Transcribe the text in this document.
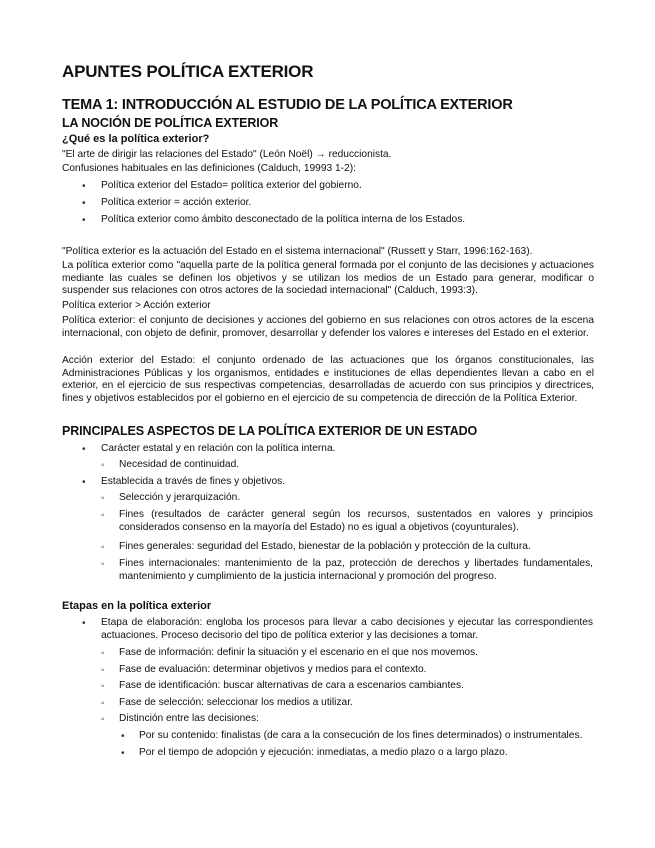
APUNTES POLÍTICA EXTERIOR
TEMA 1: INTRODUCCIÓN AL ESTUDIO DE LA POLÍTICA EXTERIOR
LA NOCIÓN DE POLÍTICA EXTERIOR
¿Qué es la política exterior?

"El arte de dirigir las relaciones del Estado" (León Noël) → reduccionista.

Confusiones habituales en las definiciones (Calduch, 19993 1-2):

• Política exterior del Estado= política exterior del gobierno.

• Política exterior = acción exterior.

• Política exterior como ámbito desconectado de la política interna de los Estados.

"Política exterior es la actuación del Estado en el sistema internacional" (Russett y Starr, 1996:162-163).

La política exterior como "aquella parte de la política general formada por el conjunto de las decisiones y actuaciones mediante las cuales se definen los objetivos y se utilizan los medios de un Estado para generar, modificar o suspender sus relaciones con otros actores de la sociedad internacional" (Calduch, 1993:3).

Política exterior > Acción exterior

Política exterior: el conjunto de decisiones y acciones del gobierno en sus relaciones con otros actores de la escena internacional, con objeto de definir, promover, desarrollar y defender los valores e intereses del Estado en el exterior.

Acción exterior del Estado: el conjunto ordenado de las actuaciones que los órganos constitucionales, las Administraciones Públicas y los organismos, entidades e instituciones de ellas dependientes llevan a cabo en el exterior, en el ejercicio de sus respectivas competencias, desarrolladas de acuerdo con sus principios y directrices, fines y objetivos establecidos por el gobierno en el ejercicio de su competencia de dirección de la Política Exterior.

PRINCIPALES ASPECTOS DE LA POLÍTICA EXTERIOR DE UN ESTADO
• Carácter estatal y en relación con la política interna.

◦ Necesidad de continuidad.

• Establecida a través de fines y objetivos.

◦ Selección y jerarquización.

◦ Fines (resultados de carácter general según los recursos, sustentados en valores y principios considerados consenso en la mayoría del Estado) no es igual a objetivos (coyunturales).

◦ Fines generales: seguridad del Estado, bienestar de la población y protección de la cultura.

◦ Fines internacionales: mantenimiento de la paz, protección de derechos y libertades fundamentales, mantenimiento y cumplimiento de la justicia internacional y promoción del progreso.

Etapas en la política exterior
• Etapa de elaboración: engloba los procesos para llevar a cabo decisiones y ejecutar las correspondientes actuaciones. Proceso decisorio del tipo de política exterior y las decisiones a tomar.

◦ Fase de información: definir la situación y el escenario en el que nos movemos.

◦ Fase de evaluación: determinar objetivos y medios para el contexto.

◦ Fase de identificación: buscar alternativas de cara a escenarios cambiantes.

◦ Fase de selección: seleccionar los medios a utilizar.

◦ Distinción entre las decisiones:

• Por su contenido: finalistas (de cara a la consecución de los fines determinados) o instrumentales.

• Por el tiempo de adopción y ejecución: inmediatas, a medio plazo o a largo plazo.
